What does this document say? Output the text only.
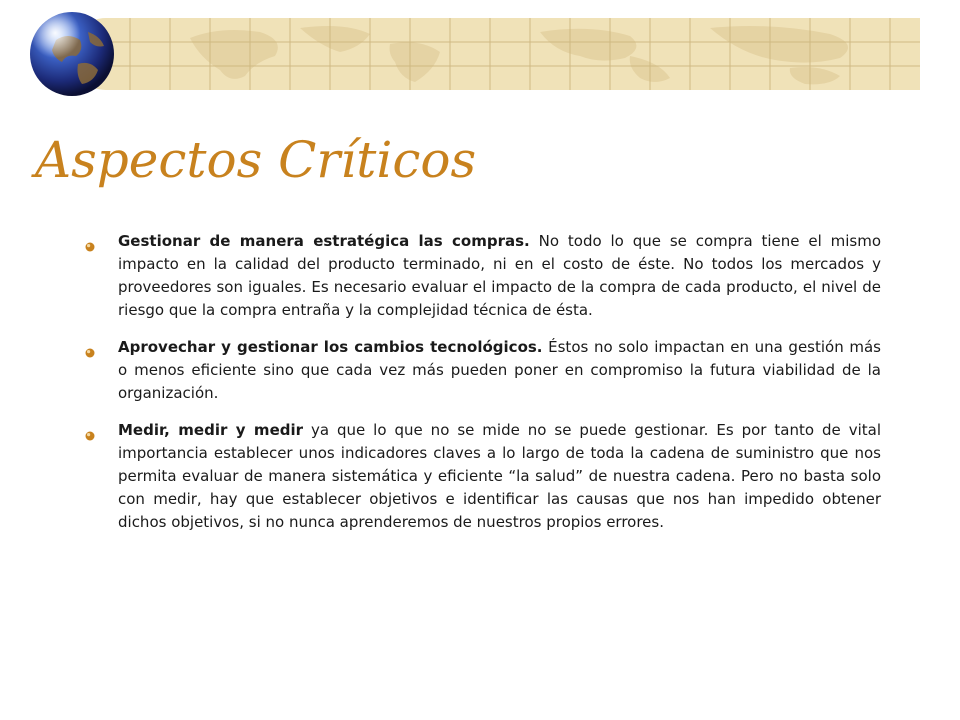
Aspectos Críticos
Gestionar de manera estratégica las compras. No todo lo que se compra tiene el mismo impacto en la calidad del producto terminado, ni en el costo de éste. No todos los mercados y proveedores son iguales. Es necesario evaluar el impacto de la compra de cada producto, el nivel de riesgo que la compra entraña y la complejidad técnica de ésta.
Aprovechar y gestionar los cambios tecnológicos. Éstos no solo impactan en una gestión más o menos eficiente sino que cada vez más pueden poner en compromiso la futura viabilidad de la organización.
Medir, medir y medir ya que lo que no se mide no se puede gestionar. Es por tanto de vital importancia establecer unos indicadores claves a lo largo de toda la cadena de suministro que nos permita evaluar de manera sistemática y eficiente “la salud” de nuestra cadena. Pero no basta solo con medir, hay que establecer objetivos e identificar las causas que nos han impedido obtener dichos objetivos, si no nunca aprenderemos de nuestros propios errores.
